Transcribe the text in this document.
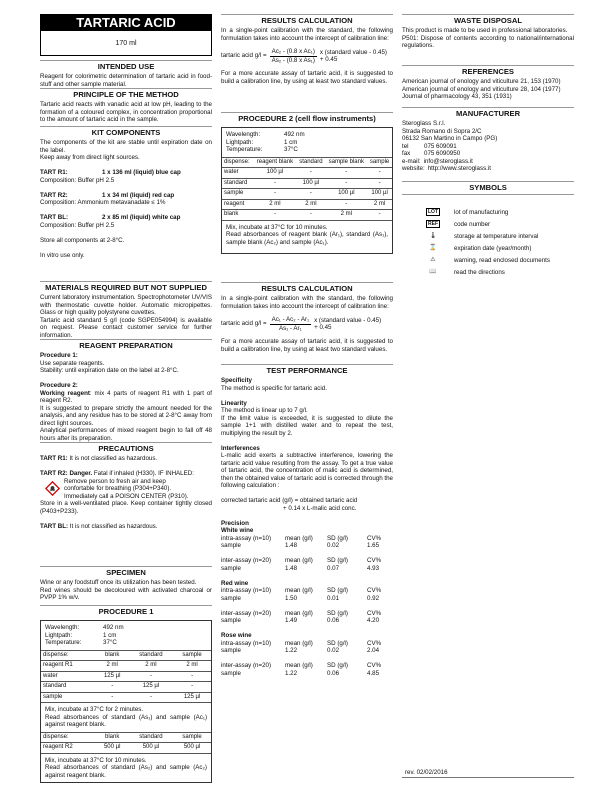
TARTARIC ACID
170 ml
INTENDED USE

Reagent for colorimetric determination of tartaric acid in food-stuff and other sample material.

PRINCIPLE OF THE METHOD

Tartaric acid reacts with vanadic acid at low pH, leading to the formation of a coloured complex, in concentration proportional to the amount of tartaric acid in the sample.

KIT COMPONENTS

The components of the kit are stable until expiration date on the label.

Keep away from direct light sources.

TART R1:	1 x 136 ml (liquid) blue cap

Composition: Buffer pH 2.5

TART R2:	1 x 34 ml (liquid) red cap

Composition: Ammonium metavanadate ≤ 1%

TART BL:	2 x 85 ml (liquid) white cap

Composition: Buffer pH 2.5

Store all components at 2-8°C.

In vitro use only.

MATERIALS REQUIRED BUT NOT SUPPLIED

Current laboratory instrumentation. Spectrophotometer UV/VIS with thermostatic cuvette holder. Automatic micropipettes. Glass or high quality polystyrene cuvettes.

Tartaric acid standard 5 g/l (code SGPE054994) is available on request. Please contact customer service for further information.

REAGENT PREPARATION

Procedure 1:

Use separate reagents.

Stability: until expiration date on the label at 2-8°C.

Procedure 2:

Working reagent: mix 4 parts of reagent R1 with 1 part of reagent R2.

It is suggested to prepare strictly the amount needed for the analysis, and any residue has to be stored at 2-8°C away from direct light sources.

Analytical performances of mixed reagent begin to fall off 48 hours after its preparation.

PRECAUTIONS

TART R1: It is not classified as hazardous.

TART R2: Danger. Fatal if inhaled (H330). IF INHALED:

Remove person to fresh air and keep

confortable for breathing (P304+P340).

Immediately call a POISON CENTER (P310).

Store in a well-ventilated place. Keep container tightly closed (P403+P233).

TART BL: It is not classified as hazardous.

SPECIMEN

Wine or any foodstuff once its utilization has been tested.

Red wines should be decoloured with activated charcoal or PVPP 1% w/v.

PROCEDURE 1
Wavelength:	492 nm
Lightpath:	1 cm
Temperature:	37°C
dispense:	blank	standard	sample
reagent R1	2 ml	2 ml	2 ml
water	125 µl	-	-
standard	-	125 µl	-
sample	-	-	125 µl

Mix, incubate at 37°C for 2 minutes.

Read absorbances of standard (As₁) and sample (Ac₁) against reagent blank.

dispense:	blank	standard	sample
reagent R2	500 µl	500 µl	500 µl

Mix, incubate at 37°C for 10 minutes.

Read absorbances of standard (As₂) and sample (Ac₂) against reagent blank.

RESULTS CALCULATION

In a single-point calibration with the standard, the following formulation takes into account the intercept of calibration line:

tartaric acid $g/l = \frac{\text{Ac₂ - (0.8 x Ac₁)}}{\text{As₂ - (0.8 x As₁)}}$ x (standard value - 0.45)
+ 0.45

For a more accurate assay of tartaric acid, it is suggested to build a calibration line, by using at least two standard values.

PROCEDURE 2 (cell flow instruments)
Wavelength:	492 nm
Lightpath:	1 cm
Temperature:	37°C
dispense:	reagent blank	standard	sample blank	sample
water	100 µl	-	-	-
standard	-	100 µl	-	-
sample	-	-	100 µl	100 µl
reagent	2 ml	2 ml	-	2 ml
blank	-	-	2 ml	-

Mix, incubate at 37°C for 10 minutes.

Read absorbances of reagent blank (Ar₁), standard (As₁), sample blank (Ac₂) and sample (Ac₁).

RESULTS CALCULATION

In a single-point calibration with the standard, the following formulation takes into account the intercept of calibration line:

tartaric acid $g/l = \frac{\text{Ac₁ - Ac₂ - Ar₁}}{\text{As₁ - Ar₁}}$ x (standard value - 0.45)
+ 0.45

For a more accurate assay of tartaric acid, it is suggested to build a calibration line, by using at least two standard values.

TEST PERFORMANCE

Specificity

The method is specific for tartaric acid.

Linearity

The method is linear up to 7 g/l.

If the limit value is exceeded, it is suggested to dilute the sample 1+1 with distilled water and to repeat the test, multiplying the result by 2.

Interferences

L-malic acid exerts a subtractive interference, lowering the tartaric acid value resulting from the assay. To get a true value of tartaric acid, the concentration of malic acid is determined, then the obtained value of tartaric acid is corrected through the following calculation :

corrected tartaric acid (g/l) = obtained tartaric acid

+ 0.14 x L-malic acid conc.

Precision

White wine

intra-assay (n=10)	mean (g/l)	SD (g/l)	CV%
sample	1.48	0.02	1.65
inter-assay (n=20)	mean (g/l)	SD (g/l)	CV%
sample	1.48	0.07	4.93

Red wine

intra-assay (n=10)	mean (g/l)	SD (g/l)	CV%
sample	1.50	0.01	0.92
inter-assay (n=20)	mean (g/l)	SD (g/l)	CV%
sample	1.49	0.06	4.20

Rose wine

intra-assay (n=10)	mean (g/l)	SD (g/l)	CV%
sample	1.22	0.02	2.04
inter-assay (n=20)	mean (g/l)	SD (g/l)	CV%
sample	1.22	0.06	4.85
WASTE DISPOSAL

This product is made to be used in professional laboratories.

P501: Dispose of contents according to national/international regulations.

REFERENCES

American journal of enology and viticulture 21, 153 (1970)

American journal of enology and viticulture 28, 104 (1977)

Journal of pharmacology 43, 351 (1931)

MANUFACTURER

Steroglass S.r.l.

Strada Romano di Sopra 2/C

06132 San Martino in Campo (PG)

tel	075 609091
fax	075 6090950
e-mail: info@steroglass.it
website: http://www.steroglass.it
SYMBOLS
LOT	lot of manufacturing
REF	code number
🌡	storage at temperature interval
⌛	expiration date (year/month)
⚠	warning, read enclosed documents
📖	read the directions

rev. 02/02/2016
